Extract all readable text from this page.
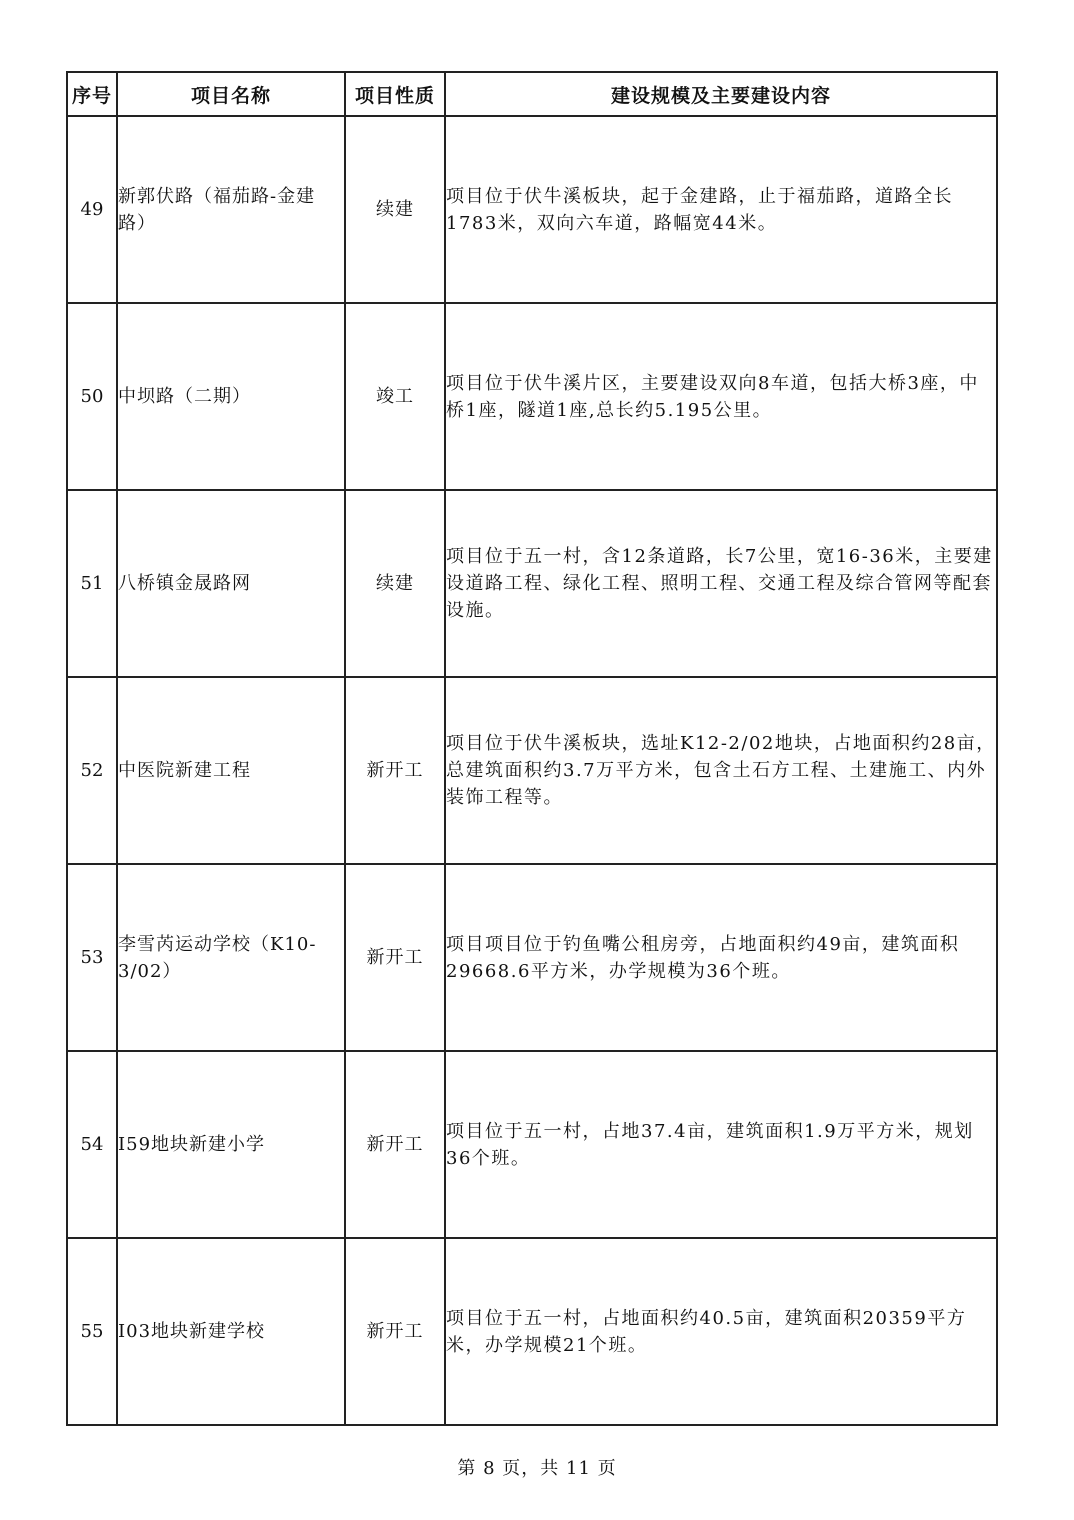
序号	项目名称	项目性质	建设规模及主要建设内容
49	新郭伏路（福茄路-金建路）	续建	项目位于伏牛溪板块，起于金建路，止于福茄路，道路全长1783米，双向六车道，路幅宽44米。
50	中坝路（二期）	竣工	项目位于伏牛溪片区，主要建设双向8车道，包括大桥3座，中桥1座，隧道1座,总长约5.195公里。
51	八桥镇金晟路网	续建	项目位于五一村，含12条道路，长7公里，宽16-36米，主要建设道路工程、绿化工程、照明工程、交通工程及综合管网等配套设施。
52	中医院新建工程	新开工	项目位于伏牛溪板块，选址K12-2/02地块，占地面积约28亩，总建筑面积约3.7万平方米，包含土石方工程、土建施工、内外装饰工程等。
53	李雪芮运动学校（K10-3/02）	新开工	项目项目位于钓鱼嘴公租房旁，占地面积约49亩，建筑面积29668.6平方米，办学规模为36个班。
54	I59地块新建小学	新开工	项目位于五一村，占地37.4亩，建筑面积1.9万平方米，规划36个班。
55	I03地块新建学校	新开工	项目位于五一村，占地面积约40.5亩，建筑面积20359平方米，办学规模21个班。
第 8 页，共 11 页
